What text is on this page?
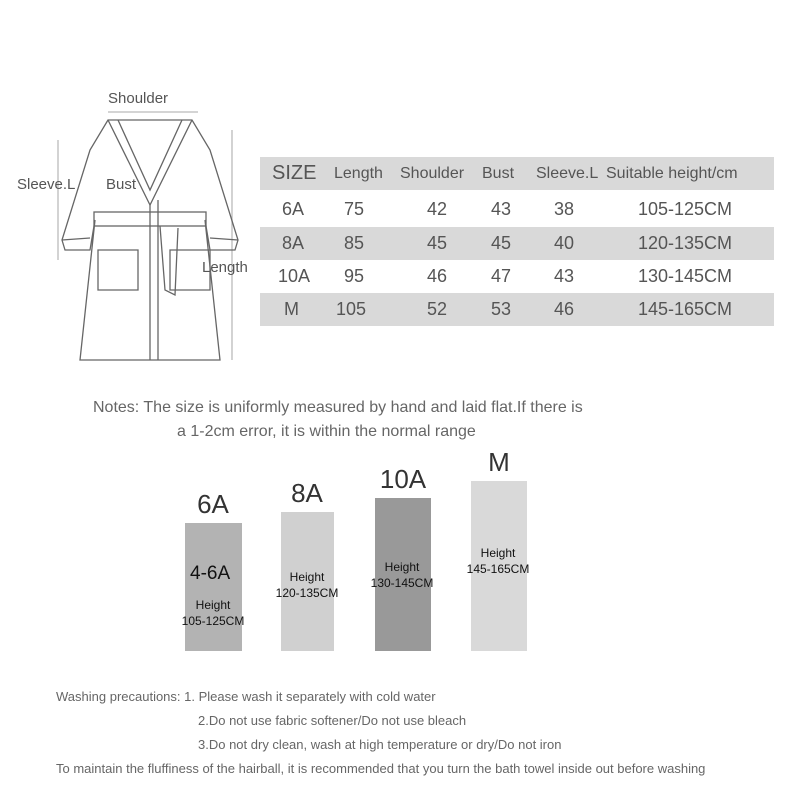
Shoulder
Sleeve.L Bust
Length
SIZE Length Shoulder Bust Sleeve.L Suitable height/cm
6A 75	42 43 38	105-125CM
8A 85	45 45 40	120-135CM
10A 95	46 47 43	130-145CM
M 105	52 53 46	145-165CM
Notes: The size is uniformly measured by hand and laid flat.If there is
a 1-2cm error, it is within the normal range
6A	8A	10A
M
4-6A
Height
105-125CM
Height
120-135CM
Height
130-145CM
Height
145-165CM
Washing precautions: 1. Please wash it separately with cold water
2.Do not use fabric softener/Do not use bleach
3.Do not dry clean, wash at high temperature or dry/Do not iron
To maintain the fluffiness of the hairball, it is recommended that you turn the bath towel inside out before washing
